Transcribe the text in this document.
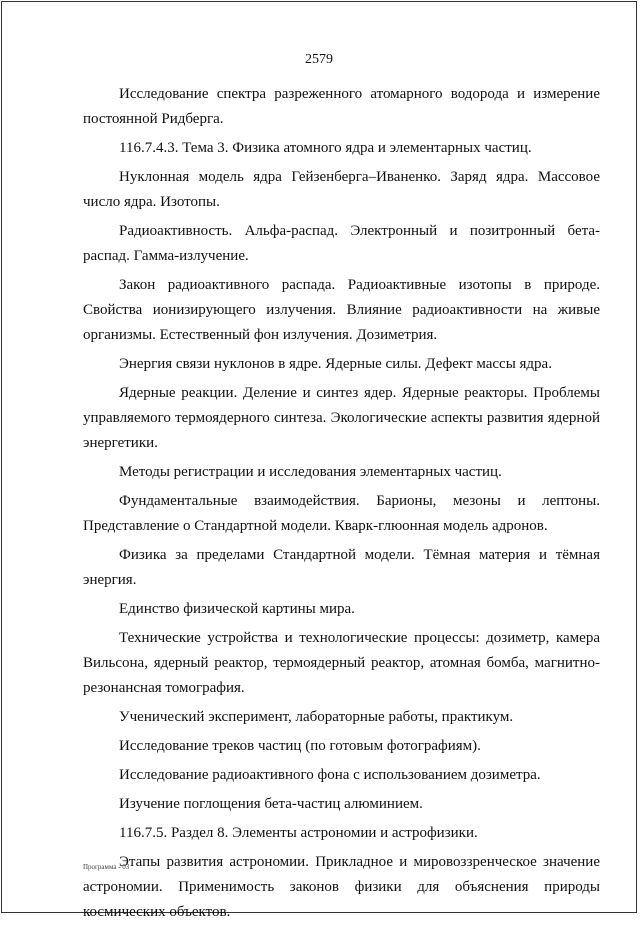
2579

Исследование спектра разреженного атомарного водорода и измерение постоянной Ридберга.

116.7.4.3. Тема 3. Физика атомного ядра и элементарных частиц.

Нуклонная модель ядра Гейзенберга–Иваненко. Заряд ядра. Массовое число ядра. Изотопы.

Радиоактивность. Альфа-распад. Электронный и позитронный бета-распад. Гамма-излучение.

Закон радиоактивного распада. Радиоактивные изотопы в природе. Свойства ионизирующего излучения. Влияние радиоактивности на живые организмы. Естественный фон излучения. Дозиметрия.

Энергия связи нуклонов в ядре. Ядерные силы. Дефект массы ядра.

Ядерные реакции. Деление и синтез ядер. Ядерные реакторы. Проблемы управляемого термоядерного синтеза. Экологические аспекты развития ядерной энергетики.

Методы регистрации и исследования элементарных частиц.

Фундаментальные взаимодействия. Барионы, мезоны и лептоны. Представление о Стандартной модели. Кварк-глюонная модель адронов.

Физика за пределами Стандартной модели. Тёмная материя и тёмная энергия.

Единство физической картины мира.

Технические устройства и технологические процессы: дозиметр, камера Вильсона, ядерный реактор, термоядерный реактор, атомная бомба, магнитно-резонансная томография.

Ученический эксперимент, лабораторные работы, практикум.

Исследование треков частиц (по готовым фотографиям).

Исследование радиоактивного фона с использованием дозиметра.

Изучение поглощения бета-частиц алюминием.

116.7.5. Раздел 8. Элементы астрономии и астрофизики.

Этапы развития астрономии. Прикладное и мировоззренческое значение астрономии. Применимость законов физики для объяснения природы космических объектов.

Программа - 03
